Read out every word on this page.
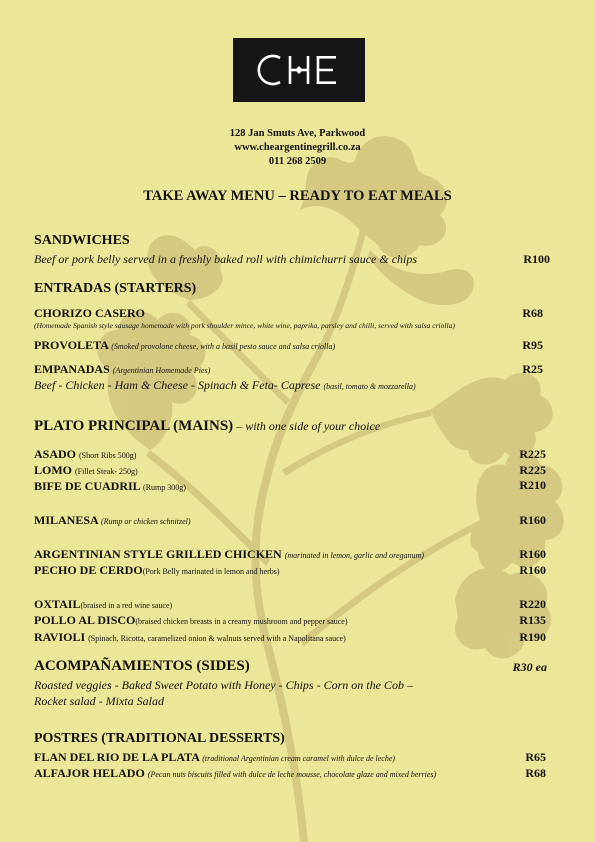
128 Jan Smuts Ave, Parkwood
www.cheargentinegrill.co.za
011 268 2509
TAKE AWAY MENU – READY TO EAT MEALS
SANDWICHES
Beef or pork belly served in a freshly baked roll with chimichurri sauce & chips	R100
ENTRADAS (STARTERS)
CHORIZO CASERO	R68
(Homemade Spanish style sausage homemade with pork shoulder mince, white wine, paprika, parsley and chilli, served with salsa criolla)
PROVOLETA (Smoked provolone cheese, with a basil pesto sauce and salsa criolla)	R95
EMPANADAS (Argentinian Homemade Pies)	R25
Beef - Chicken - Ham & Cheese - Spinach & Feta- Caprese (basil, tomato & mozzarella)
PLATO PRINCIPAL (MAINS) – with one side of your choice
ASADO (Short Ribs 500g)	R225
LOMO (Fillet Steak- 250g)	R225
BIFE DE CUADRIL (Rump 300g)	R210
MILANESA (Rump or chicken schnitzel)	R160
ARGENTINIAN STYLE GRILLED CHICKEN (marinated in lemon, garlic and oreganum)	R160
PECHO DE CERDO(Pork Belly marinated in lemon and herbs)	R160
OXTAIL(braised in a red wine sauce)	R220
POLLO AL DISCO(braised chicken breasts in a creamy mushroom and pepper sauce)	R135
RAVIOLI (Spinach, Ricotta, caramelized onion & walnuts served with a Napolitana sauce)	R190
ACOMPAÑAMIENTOS (SIDES)	R30 ea
Roasted veggies - Baked Sweet Potato with Honey - Chips - Corn on the Cob –
Rocket salad - Mixta Salad
POSTRES (TRADITIONAL DESSERTS)
FLAN DEL RIO DE LA PLATA (traditional Argentinian cream caramel with dulce de leche)	R65
ALFAJOR HELADO (Pecan nuts biscuits filled with dulce de leche mousse, chocolate glaze and mixed berries)	R68
